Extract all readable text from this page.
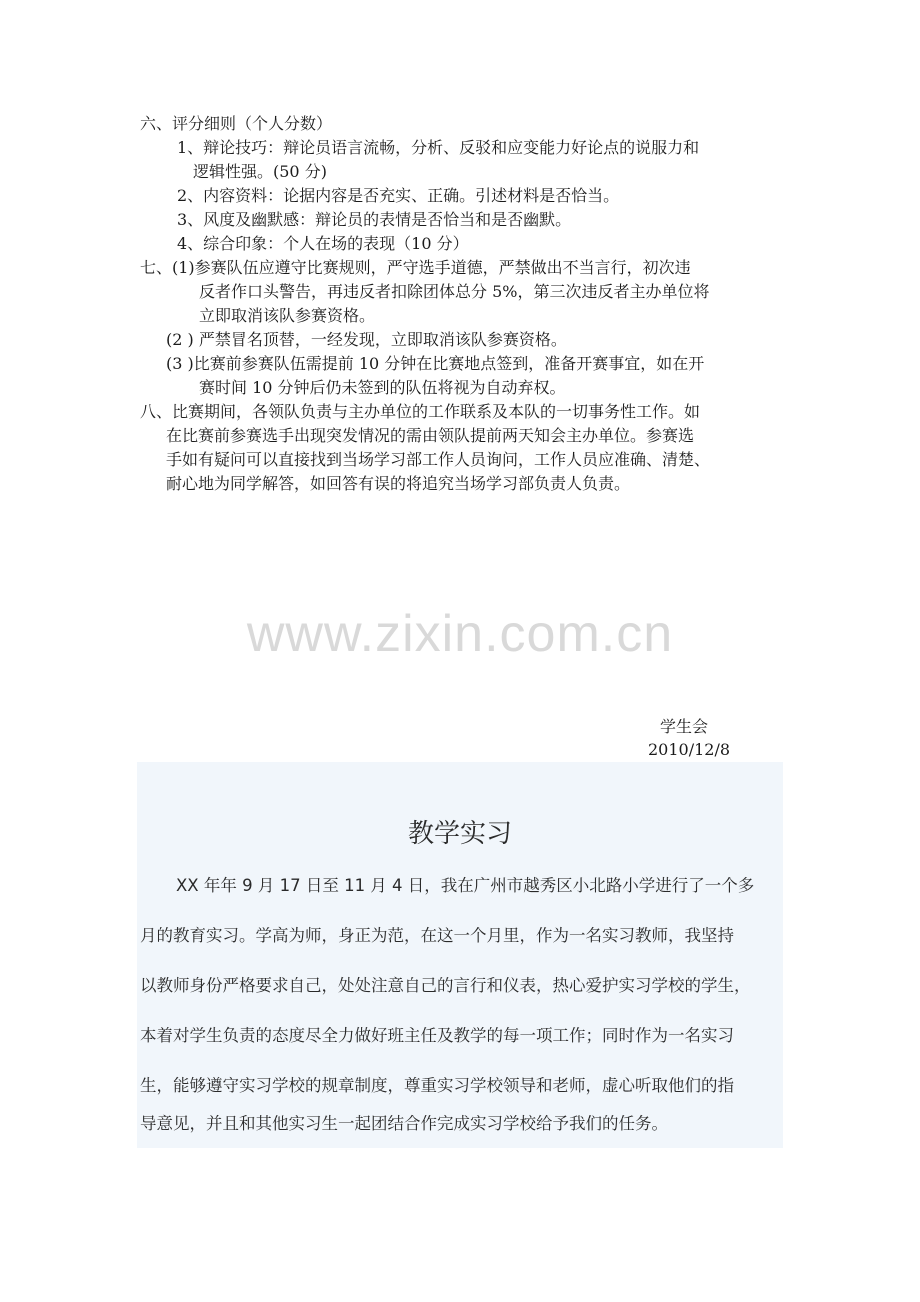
六、评分细则（个人分数）
1、辩论技巧：辩论员语言流畅，分析、反驳和应变能力好论点的说服力和
逻辑性强。(50 分)
2、内容资料：论据内容是否充实、正确。引述材料是否恰当。
3、风度及幽默感：辩论员的表情是否恰当和是否幽默。
4、综合印象：个人在场的表现（10 分）
七、(1)参赛队伍应遵守比赛规则，严守选手道德，严禁做出不当言行，初次违
反者作口头警告，再违反者扣除团体总分 5%，第三次违反者主办单位将
立即取消该队参赛资格。
(2 ) 严禁冒名顶替，一经发现，立即取消该队参赛资格。
(3 )比赛前参赛队伍需提前 10 分钟在比赛地点签到，准备开赛事宜，如在开
赛时间 10 分钟后仍未签到的队伍将视为自动弃权。
八、比赛期间，各领队负责与主办单位的工作联系及本队的一切事务性工作。如
在比赛前参赛选手出现突发情况的需由领队提前两天知会主办单位。参赛选
手如有疑问可以直接找到当场学习部工作人员询问，工作人员应准确、清楚、
耐心地为同学解答，如回答有误的将追究当场学习部负责人负责。
www.zixin.com.cn
学生会
2010/12/8
教学实习
XX 年年 9 月 17 日至 11 月 4 日，我在广州市越秀区小北路小学进行了一个多
月的教育实习。学高为师，身正为范，在这一个月里，作为一名实习教师，我坚持
以教师身份严格要求自己，处处注意自己的言行和仪表，热心爱护实习学校的学生，
本着对学生负责的态度尽全力做好班主任及教学的每一项工作；同时作为一名实习
生，能够遵守实习学校的规章制度，尊重实习学校领导和老师，虚心听取他们的指
导意见，并且和其他实习生一起团结合作完成实习学校给予我们的任务。
